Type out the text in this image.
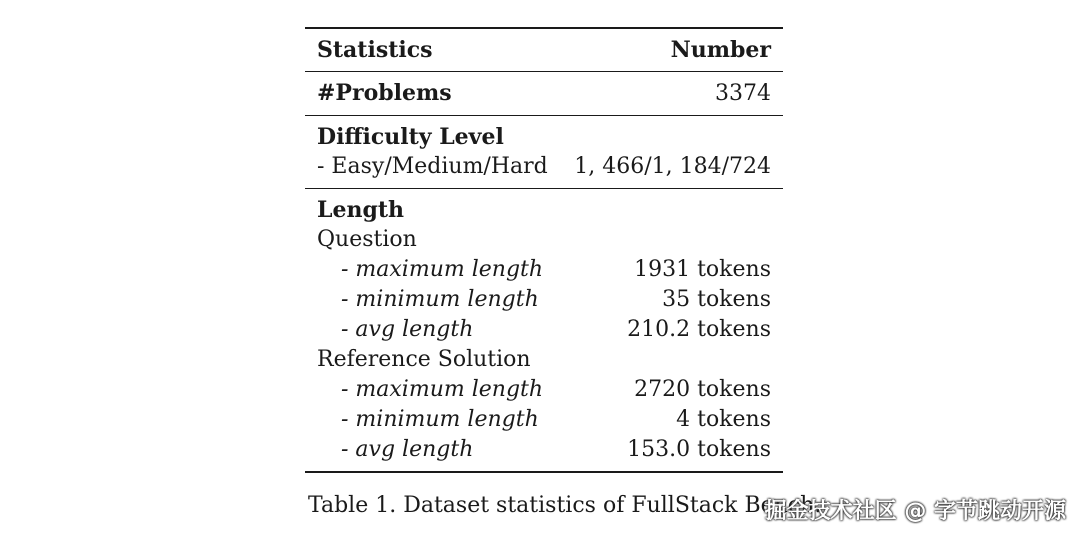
Statistics	Number
#Problems	3374
Difficulty Level
- Easy/Medium/Hard 1, 466/1, 184/724
Length
Question
- maximum length	1931 tokens
- minimum length	35 tokens
- avg length	210.2 tokens
Reference Solution
- maximum length	2720 tokens
- minimum length	4 tokens
- avg length	153.0 tokens
Table 1. Dataset statistics of FullStack Bench.
掘金技术社区 @ 字节跳动开源
